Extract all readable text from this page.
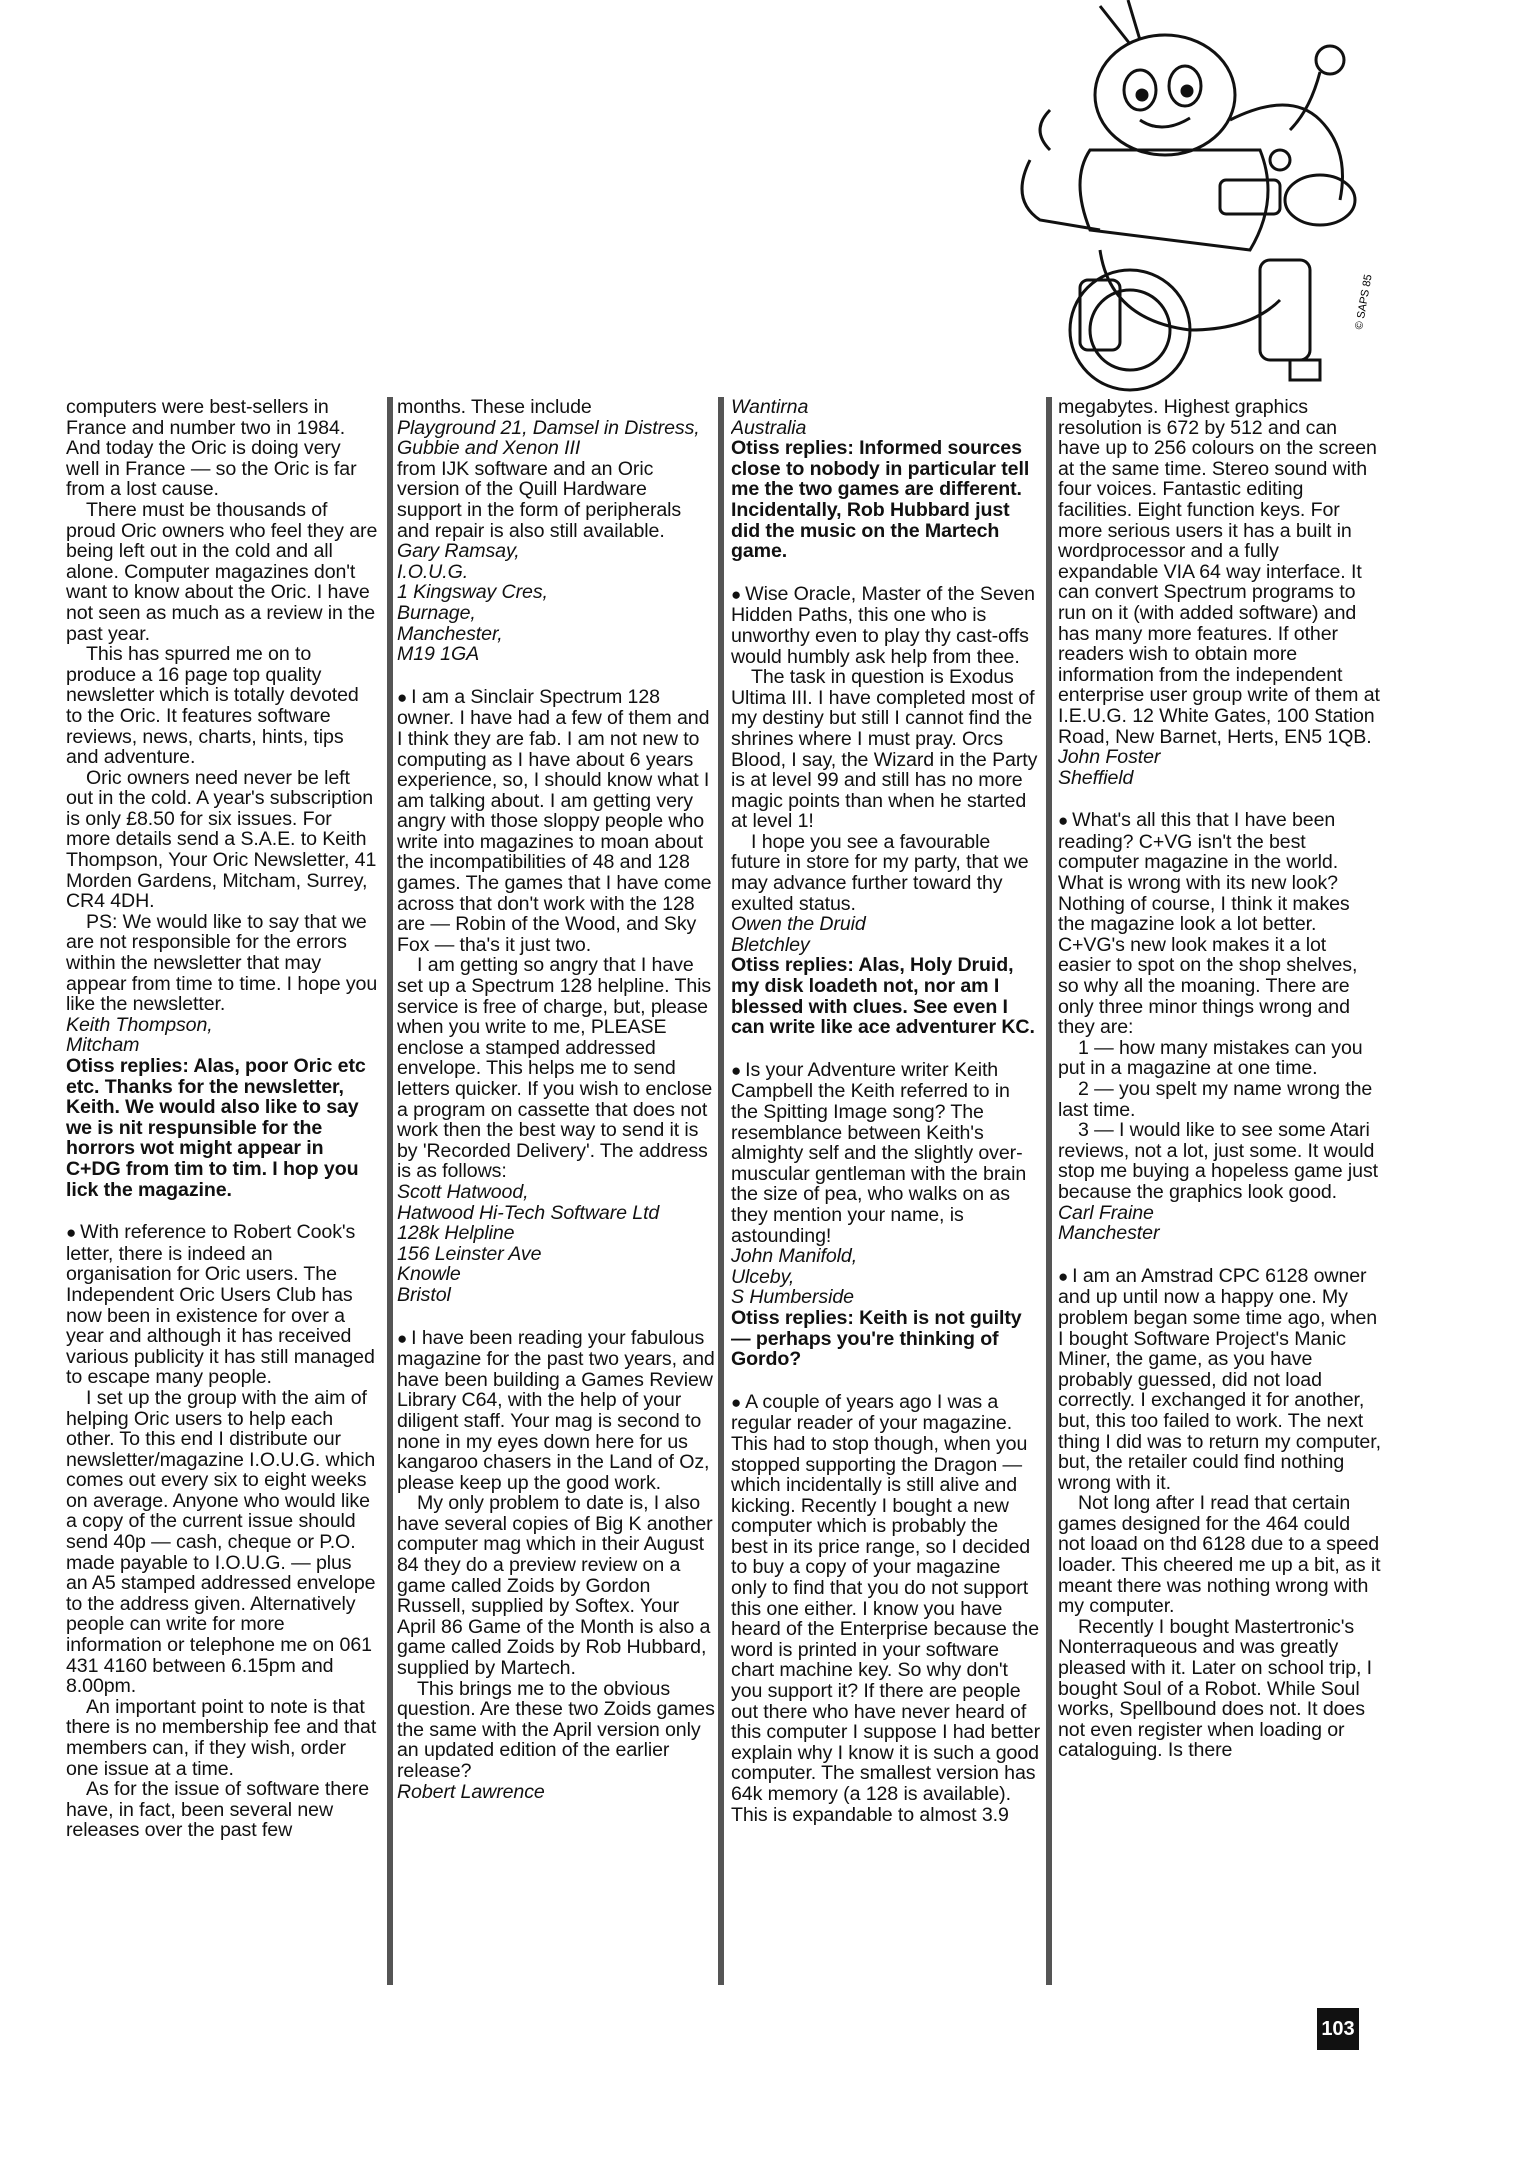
© SAPS 85

computers were best-sellers in France and number two in 1984. And today the Oric is doing very well in France — so the Oric is far from a lost cause.

There must be thousands of proud Oric owners who feel they are being left out in the cold and all alone. Computer magazines don't want to know about the Oric. I have not seen as much as a review in the past year.

This has spurred me on to produce a 16 page top quality newsletter which is totally devoted to the Oric. It features software reviews, news, charts, hints, tips and adventure.

Oric owners need never be left out in the cold. A year's subscription is only £8.50 for six issues. For more details send a S.A.E. to Keith Thompson, Your Oric Newsletter, 41 Morden Gardens, Mitcham, Surrey, CR4 4DH.

PS: We would like to say that we are not responsible for the errors within the newsletter that may appear from time to time. I hope you like the newsletter.

Keith Thompson,

Mitcham

Otiss replies: Alas, poor Oric etc etc. Thanks for the newsletter, Keith. We would also like to say we is nit respunsible for the horrors wot might appear in C+DG from tim to tim. I hop you lick the magazine.

● With reference to Robert Cook's letter, there is indeed an organisation for Oric users. The Independent Oric Users Club has now been in existence for over a year and although it has received various publicity it has still managed to escape many people.

I set up the group with the aim of helping Oric users to help each other. To this end I distribute our newsletter/magazine I.O.U.G. which comes out every six to eight weeks on average. Anyone who would like a copy of the current issue should send 40p — cash, cheque or P.O. made payable to I.O.U.G. — plus an A5 stamped addressed envelope to the address given. Alternatively people can write for more information or telephone me on 061 431 4160 between 6.15pm and 8.00pm.

An important point to note is that there is no membership fee and that members can, if they wish, order one issue at a time.

As for the issue of software there have, in fact, been several new releases over the past few

months. These include

Playground 21, Damsel in Distress, Gubbie and Xenon III

from IJK software and an Oric version of the Quill Hardware support in the form of peripherals and repair is also still available.

Gary Ramsay,

I.O.U.G.

1 Kingsway Cres,

Burnage,

Manchester,

M19 1GA

● I am a Sinclair Spectrum 128 owner. I have had a few of them and I think they are fab. I am not new to computing as I have about 6 years experience, so, I should know what I am talking about. I am getting very angry with those sloppy people who write into magazines to moan about the incompatibilities of 48 and 128 games. The games that I have come across that don't work with the 128 are — Robin of the Wood, and Sky Fox — tha's it just two.

I am getting so angry that I have set up a Spectrum 128 helpline. This service is free of charge, but, please when you write to me, PLEASE enclose a stamped addressed envelope. This helps me to send letters quicker. If you wish to enclose a program on cassette that does not work then the best way to send it is by 'Recorded Delivery'. The address is as follows:

Scott Hatwood,

Hatwood Hi-Tech Software Ltd

128k Helpline

156 Leinster Ave

Knowle

Bristol

● I have been reading your fabulous magazine for the past two years, and have been building a Games Review Library C64, with the help of your diligent staff. Your mag is second to none in my eyes down here for us kangaroo chasers in the Land of Oz, please keep up the good work.

My only problem to date is, I also have several copies of Big K another computer mag which in their August 84 they do a preview review on a game called Zoids by Gordon Russell, supplied by Softex. Your April 86 Game of the Month is also a game called Zoids by Rob Hubbard, supplied by Martech.

This brings me to the obvious question. Are these two Zoids games the same with the April version only an updated edition of the earlier release?

Robert Lawrence

Wantirna

Australia

Otiss replies: Informed sources close to nobody in particular tell me the two games are different. Incidentally, Rob Hubbard just did the music on the Martech game.

● Wise Oracle, Master of the Seven Hidden Paths, this one who is unworthy even to play thy cast-offs would humbly ask help from thee.

The task in question is Exodus Ultima III. I have completed most of my destiny but still I cannot find the shrines where I must pray. Orcs Blood, I say, the Wizard in the Party is at level 99 and still has no more magic points than when he started at level 1!

I hope you see a favourable future in store for my party, that we may advance further toward thy exulted status.

Owen the Druid

Bletchley

Otiss replies: Alas, Holy Druid, my disk loadeth not, nor am I blessed with clues. See even I can write like ace adventurer KC.

● Is your Adventure writer Keith Campbell the Keith referred to in the Spitting Image song? The resemblance between Keith's almighty self and the slightly over-muscular gentleman with the brain the size of pea, who walks on as they mention your name, is astounding!

John Manifold,

Ulceby,

S Humberside

Otiss replies: Keith is not guilty — perhaps you're thinking of Gordo?

● A couple of years ago I was a regular reader of your magazine. This had to stop though, when you stopped supporting the Dragon — which incidentally is still alive and kicking. Recently I bought a new computer which is probably the best in its price range, so I decided to buy a copy of your magazine only to find that you do not support this one either. I know you have heard of the Enterprise because the word is printed in your software chart machine key. So why don't you support it? If there are people out there who have never heard of this computer I suppose I had better explain why I know it is such a good computer. The smallest version has 64k memory (a 128 is available). This is expandable to almost 3.9

megabytes. Highest graphics resolution is 672 by 512 and can have up to 256 colours on the screen at the same time. Stereo sound with four voices. Fantastic editing facilities. Eight function keys. For more serious users it has a built in wordprocessor and a fully expandable VIA 64 way interface. It can convert Spectrum programs to run on it (with added software) and has many more features. If other readers wish to obtain more information from the independent enterprise user group write of them at I.E.U.G. 12 White Gates, 100 Station Road, New Barnet, Herts, EN5 1QB.

John Foster

Sheffield

● What's all this that I have been reading? C+VG isn't the best computer magazine in the world. What is wrong with its new look? Nothing of course, I think it makes the magazine look a lot better. C+VG's new look makes it a lot easier to spot on the shop shelves, so why all the moaning. There are only three minor things wrong and they are:

1 — how many mistakes can you put in a magazine at one time.

2 — you spelt my name wrong the last time.

3 — I would like to see some Atari reviews, not a lot, just some. It would stop me buying a hopeless game just because the graphics look good.

Carl Fraine

Manchester

● I am an Amstrad CPC 6128 owner and up until now a happy one. My problem began some time ago, when I bought Software Project's Manic Miner, the game, as you have probably guessed, did not load correctly. I exchanged it for another, but, this too failed to work. The next thing I did was to return my computer, but, the retailer could find nothing wrong with it.

Not long after I read that certain games designed for the 464 could not loaad on thd 6128 due to a speed loader. This cheered me up a bit, as it meant there was nothing wrong with my computer.

Recently I bought Mastertronic's Nonterraqueous and was greatly pleased with it. Later on school trip, I bought Soul of a Robot. While Soul works, Spellbound does not. It does not even register when loading or cataloguing. Is there

103
